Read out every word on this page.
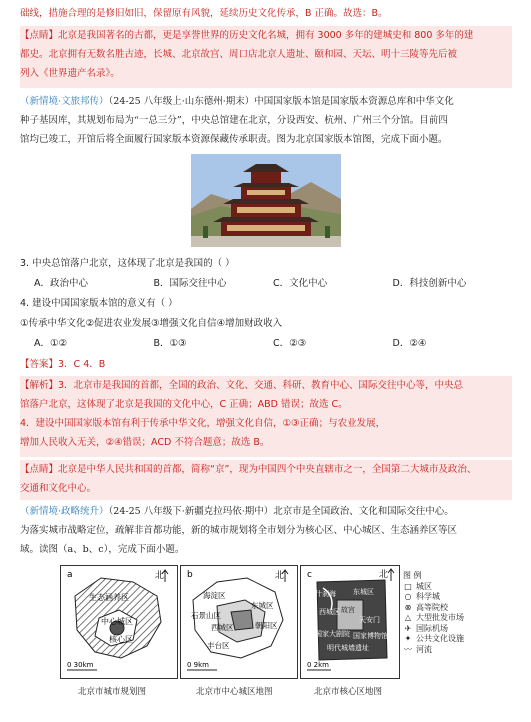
础线，措施合理的是修旧如旧，保留原有风貌，延续历史文化传承，B 正确。故选：B。
【点睛】北京是我国著名的古都，更是享誉世界的历史文化名城，拥有 3000 多年的建城史和 800 多年的建
都史。北京拥有无数名胜古迹，长城、北京故宫、周口店北京人遗址、颐和园、天坛、明十三陵等先后被
列入《世界遗产名录》。
（新情境·文旅邦传）（24-25 八年级上·山东德州·期末）中国国家版本馆是国家版本资源总库和中华文化
种子基因库，其规划布局为“一总三分”，中央总馆建在北京，分设西安、杭州、广州三个分馆。目前四
馆均已竣工，开馆后将全面履行国家版本资源保藏传承职责。图为北京国家版本馆图，完成下面小题。
3. 中央总馆落户北京，这体现了北京是我国的（ ）
A．政治中心	B．国际交往中心	C．文化中心	D．科技创新中心
4. 建设中国国家版本馆的意义有（ ）
①传承中华文化②促进农业发展③增强文化自信④增加财政收入
A．①②	B．①③	C．②③	D．②④
【答案】3．C 4．B
【解析】3．北京市是我国的首都，全国的政治、文化、交通、科研、教育中心、国际交往中心等，中央总
馆落户北京，这体现了北京是我国的文化中心，C 正确；ABD 错误；故选 C。
4．建设中国国家版本馆有利于传承中华文化，增强文化自信，①③正确；与农业发展，
增加人民收入无关，②④错误；ACD 不符合题意；故选 B。
【点睛】北京是中华人民共和国的首都，简称“京”，现为中国四个中央直辖市之一，全国第二大城市及政治、
交通和文化中心。
（新情境·政略统升）（24-25 八年级下·新疆克拉玛依·期中）北京市是全国政治、文化和国际交往中心。
为落实城市战略定位，疏解非首都功能，新的城市规划将全市划分为核心区、中心城区、生态涵养区等区
域。读图（a、b、c），完成下面小题。
a	北
生态涵养区
中心城区
核心区
0 30km
北京市城市规划图
b	北
海淀区
石景山区
东城区
西城区	朝阳区
丰台区
0 9km
北京市中心城区地图
c	北
什刹海 东城区
西城区 故宫
天安门
国家大剧院 国家博物馆
明代城墙遗址
0 2km
北京市核心区地图
图 例
□ 城区
○ 科学城
⊗ 高等院校
△ 大型批发市场
✈ 国际机场
✦ 公共文化设施
〰 河流
